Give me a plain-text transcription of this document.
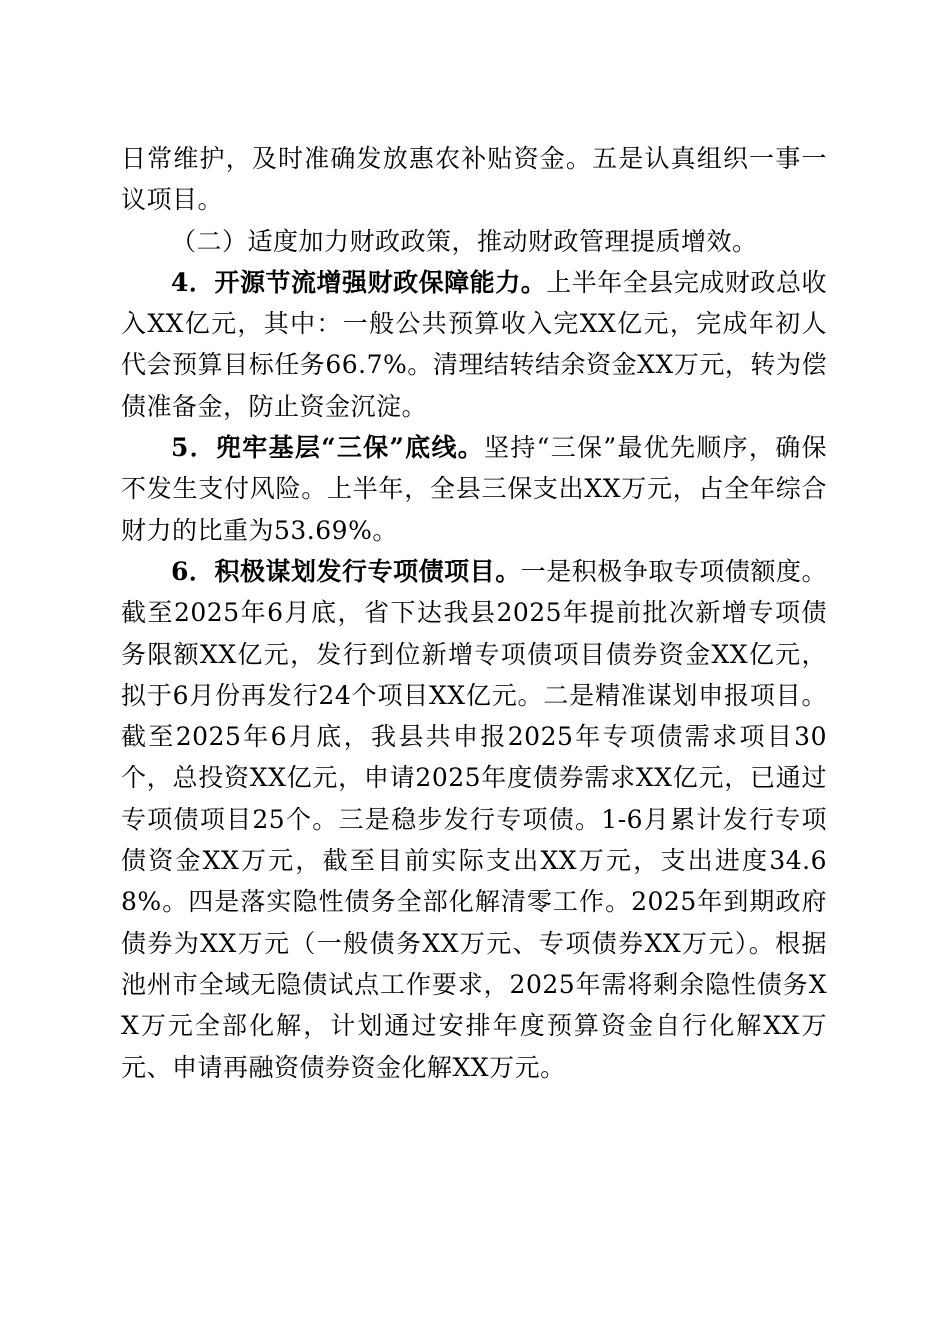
日常维护，及时准确发放惠农补贴资金。五是认真组织一事一议项目。

（二）适度加力财政政策，推动财政管理提质增效。

4．开源节流增强财政保障能力。上半年全县完成财政总收入XX亿元，其中：一般公共预算收入完XX亿元，完成年初人代会预算目标任务66.7%。清理结转结余资金XX万元，转为偿债准备金，防止资金沉淀。

5．兜牢基层“三保”底线。坚持“三保”最优先顺序，确保不发生支付风险。上半年，全县三保支出XX万元，占全年综合财力的比重为53.69%。

6．积极谋划发行专项债项目。一是积极争取专项债额度。截至2025年6月底，省下达我县2025年提前批次新增专项债务限额XX亿元，发行到位新增专项债项目债券资金XX亿元，拟于6月份再发行24个项目XX亿元。二是精准谋划申报项目。截至2025年6月底，我县共申报2025年专项债需求项目30个，总投资XX亿元，申请2025年度债券需求XX亿元，已通过专项债项目25个。三是稳步发行专项债。1-6月累计发行专项债资金XX万元，截至目前实际支出XX万元，支出进度34.68%。四是落实隐性债务全部化解清零工作。2025年到期政府债券为XX万元（一般债务XX万元、专项债券XX万元）。根据池州市全域无隐债试点工作要求，2025年需将剩余隐性债务XX万元全部化解，计划通过安排年度预算资金自行化解XX万元、申请再融资债券资金化解XX万元。
